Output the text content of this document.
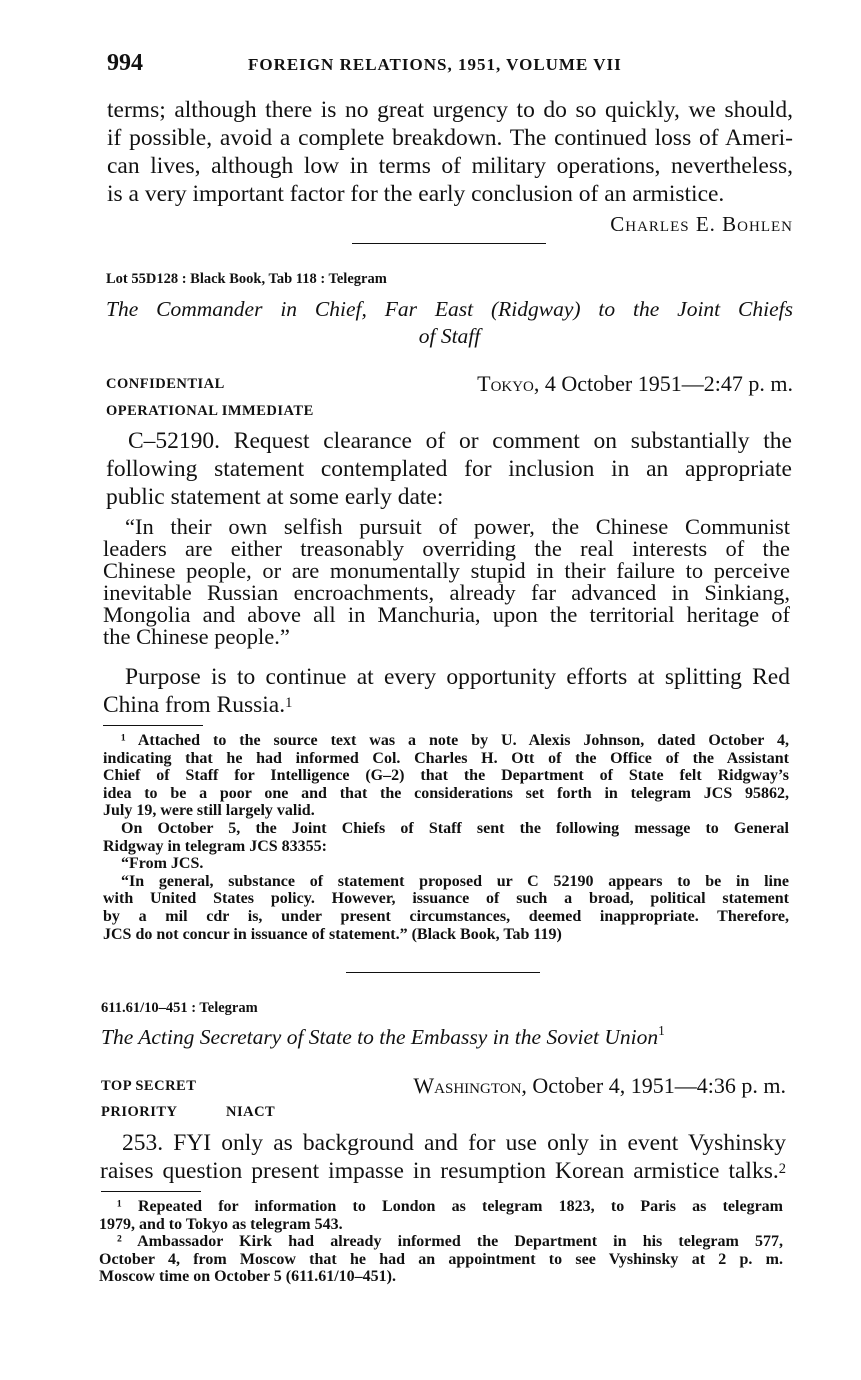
994	FOREIGN RELATIONS, 1951, VOLUME VII
terms; although there is no great urgency to do so quickly, we should,
if possible, avoid a complete breakdown. The continued loss of Ameri-
can lives, although low in terms of military operations, nevertheless,
is a very important factor for the early conclusion of an armistice.
Charles E. Bohlen
Lot 55D128 : Black Book, Tab 118 : Telegram
The Commander in Chief, Far East (Ridgway) to the Joint Chiefs
of Staff
CONFIDENTIAL
OPERATIONAL IMMEDIATE
Tokyo, 4 October 1951—2:47 p. m.
C–52190. Request clearance of or comment on substantially the
following statement contemplated for inclusion in an appropriate
public statement at some early date:
“In their own selfish pursuit of power, the Chinese Communist
leaders are either treasonably overriding the real interests of the
Chinese people, or are monumentally stupid in their failure to perceive
inevitable Russian encroachments, already far advanced in Sinkiang,
Mongolia and above all in Manchuria, upon the territorial heritage of
the Chinese people.”
Purpose is to continue at every opportunity efforts at splitting Red
China from Russia.$^1$
¹ Attached to the source text was a note by U. Alexis Johnson, dated October 4,
indicating that he had informed Col. Charles H. Ott of the Office of the Assistant
Chief of Staff for Intelligence (G–2) that the Department of State felt Ridgway’s
idea to be a poor one and that the considerations set forth in telegram JCS 95862,
July 19, were still largely valid.
On October 5, the Joint Chiefs of Staff sent the following message to General
Ridgway in telegram JCS 83355:
“From JCS.
“In general, substance of statement proposed ur C 52190 appears to be in line
with United States policy. However, issuance of such a broad, political statement
by a mil cdr is, under present circumstances, deemed inappropriate. Therefore,
JCS do not concur in issuance of statement.” (Black Book, Tab 119)
611.61/10–451 : Telegram
The Acting Secretary of State to the Embassy in the Soviet Union$^1$
TOP SECRET
PRIORITY	NIACT
Washington, October 4, 1951—4:36 p. m.
253. FYI only as background and for use only in event Vyshinsky
raises question present impasse in resumption Korean armistice talks.$^2$
¹ Repeated for information to London as telegram 1823, to Paris as telegram
1979, and to Tokyo as telegram 543.
² Ambassador Kirk had already informed the Department in his telegram 577,
October 4, from Moscow that he had an appointment to see Vyshinsky at 2 p. m.
Moscow time on October 5 (611.61/10–451).
